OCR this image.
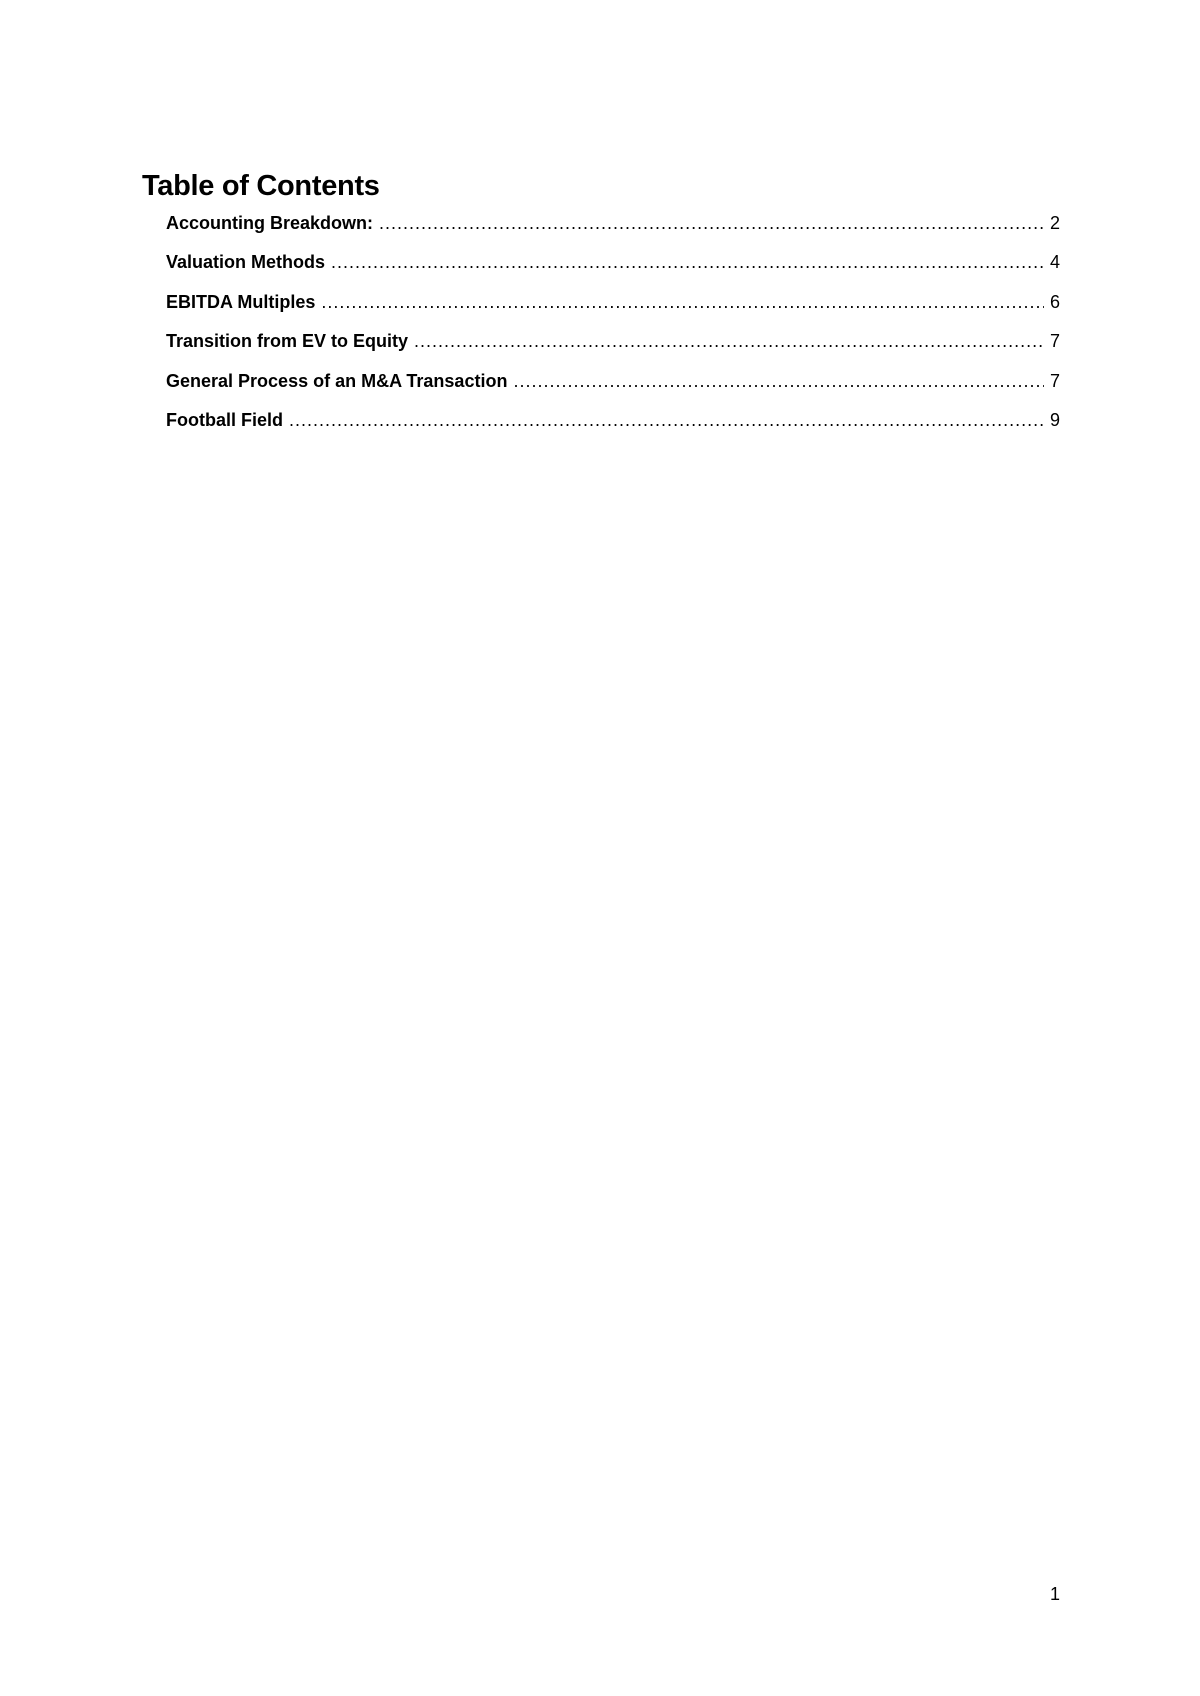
Table of Contents
Accounting Breakdown: .....	2
Valuation Methods .....	4
EBITDA Multiples .....	6
Transition from EV to Equity .....	7
General Process of an M&A Transaction .....	7
Football Field .....	9
1
